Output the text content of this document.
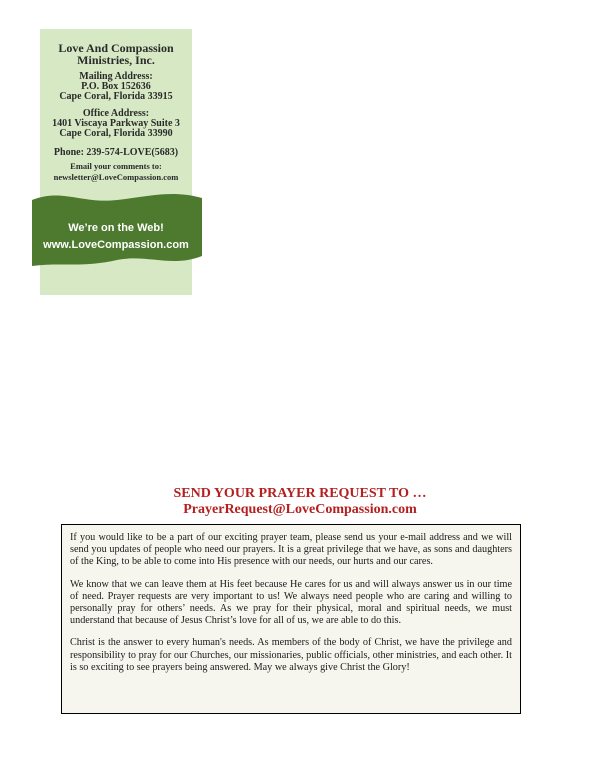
Love And Compassion
Ministries, Inc.
Mailing Address:
P.O. Box 152636
Cape Coral, Florida 33915
Office Address:
1401 Viscaya Parkway Suite 3
Cape Coral, Florida 33990
Phone: 239-574-LOVE(5683)
Email your comments to:
newsletter@LoveCompassion.com
We’re on the Web!
www.LoveCompassion.com
SEND YOUR PRAYER REQUEST TO …
PrayerRequest@LoveCompassion.com

If you would like to be a part of our exciting prayer team, please send us your e-mail address and we will send you updates of people who need our prayers. It is a great privilege that we have, as sons and daughters of the King, to be able to come into His presence with our needs, our hurts and our cares.

We know that we can leave them at His feet because He cares for us and will always answer us in our time of need. Prayer requests are very important to us! We always need people who are caring and willing to personally pray for others’ needs. As we pray for their physical, moral and spiritual needs, we must understand that because of Jesus Christ’s love for all of us, we are able to do this.

Christ is the answer to every human's needs. As members of the body of Christ, we have the privilege and responsibility to pray for our Churches, our missionaries, public officials, other ministries, and each other. It is so exciting to see prayers being answered. May we always give Christ the Glory!
